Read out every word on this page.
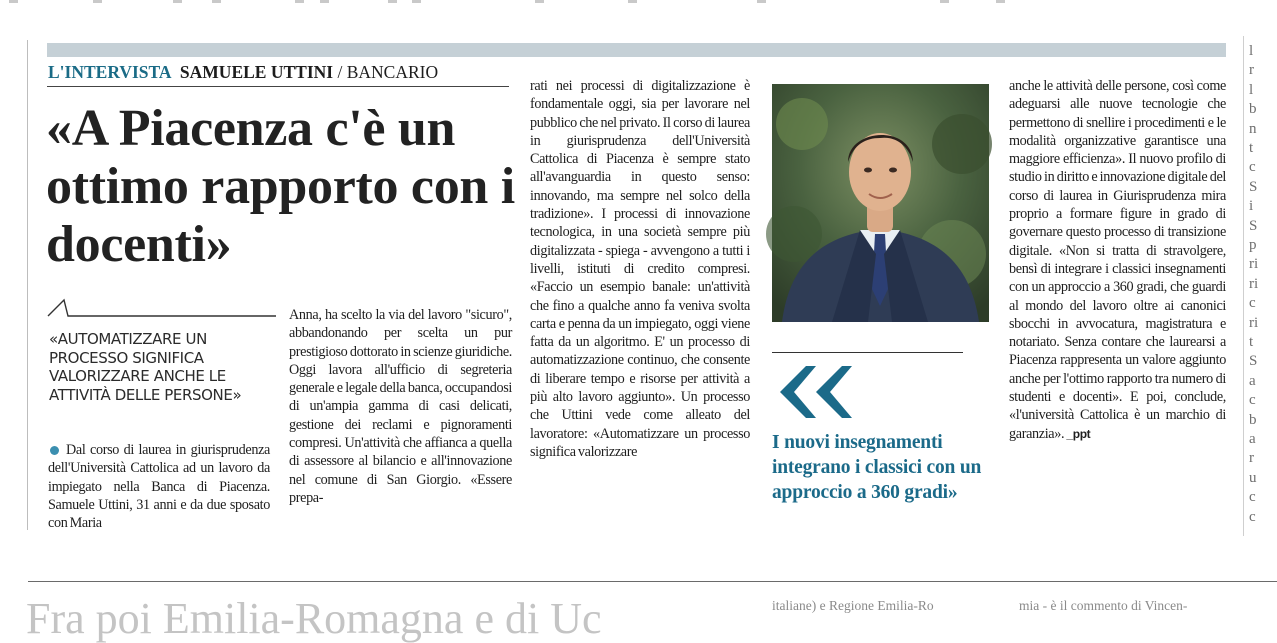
L'INTERVISTA SAMUELE UTTINI / BANCARIO
«A Piacenza c'è un ottimo rapporto con i docenti»
«AUTOMATIZZARE UN PROCESSO SIGNIFICA VALORIZZARE ANCHE LE ATTIVITÀ DELLE PERSONE»
Dal corso di laurea in giurisprudenza dell'Università Cattolica ad un lavoro da impiegato nella Banca di Piacenza. Samuele Uttini, 31 anni e da due sposato con Maria
Anna, ha scelto la via del lavoro "sicuro", abbandonando per scelta un pur prestigioso dottorato in scienze giuridiche. Oggi lavora all'ufficio di segreteria generale e legale della banca, occupandosi di un'ampia gamma di casi delicati, gestione dei reclami e pignoramenti compresi. Un'attività che affianca a quella di assessore al bilancio e all'innovazione nel comune di San Giorgio. «Essere prepa-
rati nei processi di digitalizzazione è fondamentale oggi, sia per lavorare nel pubblico che nel privato. Il corso di laurea in giurisprudenza dell'Università Cattolica di Piacenza è sempre stato all'avanguardia in questo senso: innovando, ma sempre nel solco della tradizione». I processi di innovazione tecnologica, in una società sempre più digitalizzata - spiega - avvengono a tutti i livelli, istituti di credito compresi. «Faccio un esempio banale: un'attività che fino a qualche anno fa veniva svolta carta e penna da un impiegato, oggi viene fatta da un algoritmo. E' un processo di automatizzazione continuo, che consente di liberare tempo e risorse per attività a più alto lavoro aggiunto». Un processo che Uttini vede come alleato del lavoratore: «Automatizzare un processo significa valorizzare	I nuovi insegnamenti integrano i classici con un approccio a 360 gradi»
anche le attività delle persone, così come adeguarsi alle nuove tecnologie che permettono di snellire i procedimenti e le modalità organizzative garantisce una maggiore efficienza». Il nuovo profilo di studio in diritto e innovazione digitale del corso di laurea in Giurisprudenza mira proprio a formare figure in grado di governare questo processo di transizione digitale. «Non si tratta di stravolgere, bensì di integrare i classici insegnamenti con un approccio a 360 gradi, che guardi al mondo del lavoro oltre ai canonici sbocchi in avvocatura, magistratura e notariato. Senza contare che laurearsi a Piacenza rappresenta un valore aggiunto anche per l'ottimo rapporto tra numero di studenti e docenti». E poi, conclude, «l'università Cattolica è un marchio di garanzia». _ppt
l
r
l
b
n
t
c
S
i
S
p
ri
ri
c
ri
t
S
a
c
b
a
r
u
c
c
Fra poi Emilia-Romagna e di Uc	italiane) e Regione Emilia-Ro	mia - è il commento di Vincen-
